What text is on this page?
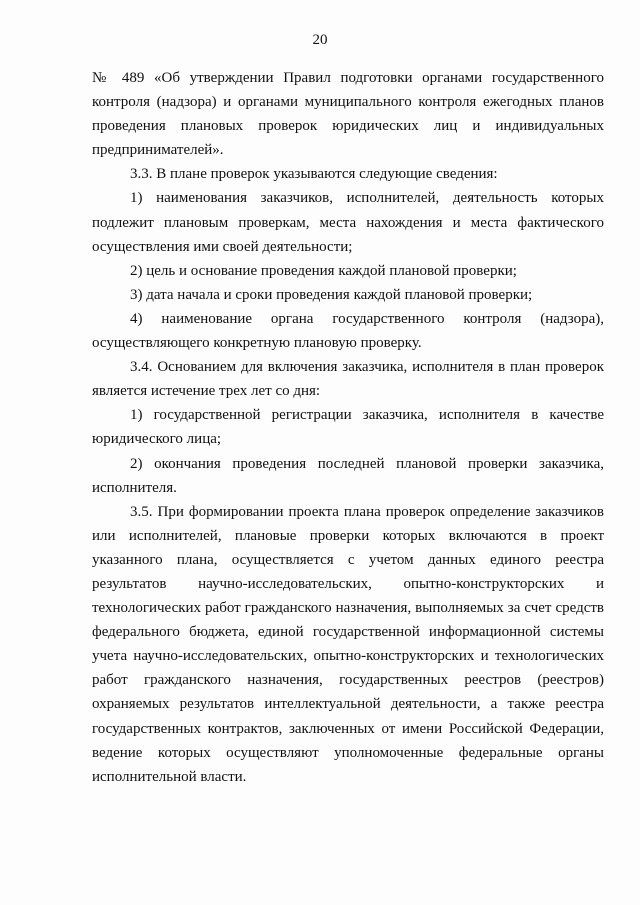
20

№ 489 «Об утверждении Правил подготовки органами государственного контроля (надзора) и органами муниципального контроля ежегодных планов проведения плановых проверок юридических лиц и индивидуальных предпринимателей».

3.3. В плане проверок указываются следующие сведения:

1) наименования заказчиков, исполнителей, деятельность которых подлежит плановым проверкам, места нахождения и места фактического осуществления ими своей деятельности;

2) цель и основание проведения каждой плановой проверки;

3) дата начала и сроки проведения каждой плановой проверки;

4) наименование органа государственного контроля (надзора), осуществляющего конкретную плановую проверку.

3.4. Основанием для включения заказчика, исполнителя в план проверок является истечение трех лет со дня:

1) государственной регистрации заказчика, исполнителя в качестве юридического лица;

2) окончания проведения последней плановой проверки заказчика, исполнителя.

3.5. При формировании проекта плана проверок определение заказчиков или исполнителей, плановые проверки которых включаются в проект указанного плана, осуществляется с учетом данных единого реестра результатов научно-исследовательских, опытно-конструкторских и технологических работ гражданского назначения, выполняемых за счет средств федерального бюджета, единой государственной информационной системы учета научно-исследовательских, опытно-конструкторских и технологических работ гражданского назначения, государственных реестров (реестров) охраняемых результатов интеллектуальной деятельности, а также реестра государственных контрактов, заключенных от имени Российской Федерации, ведение которых осуществляют уполномоченные федеральные органы исполнительной власти.
